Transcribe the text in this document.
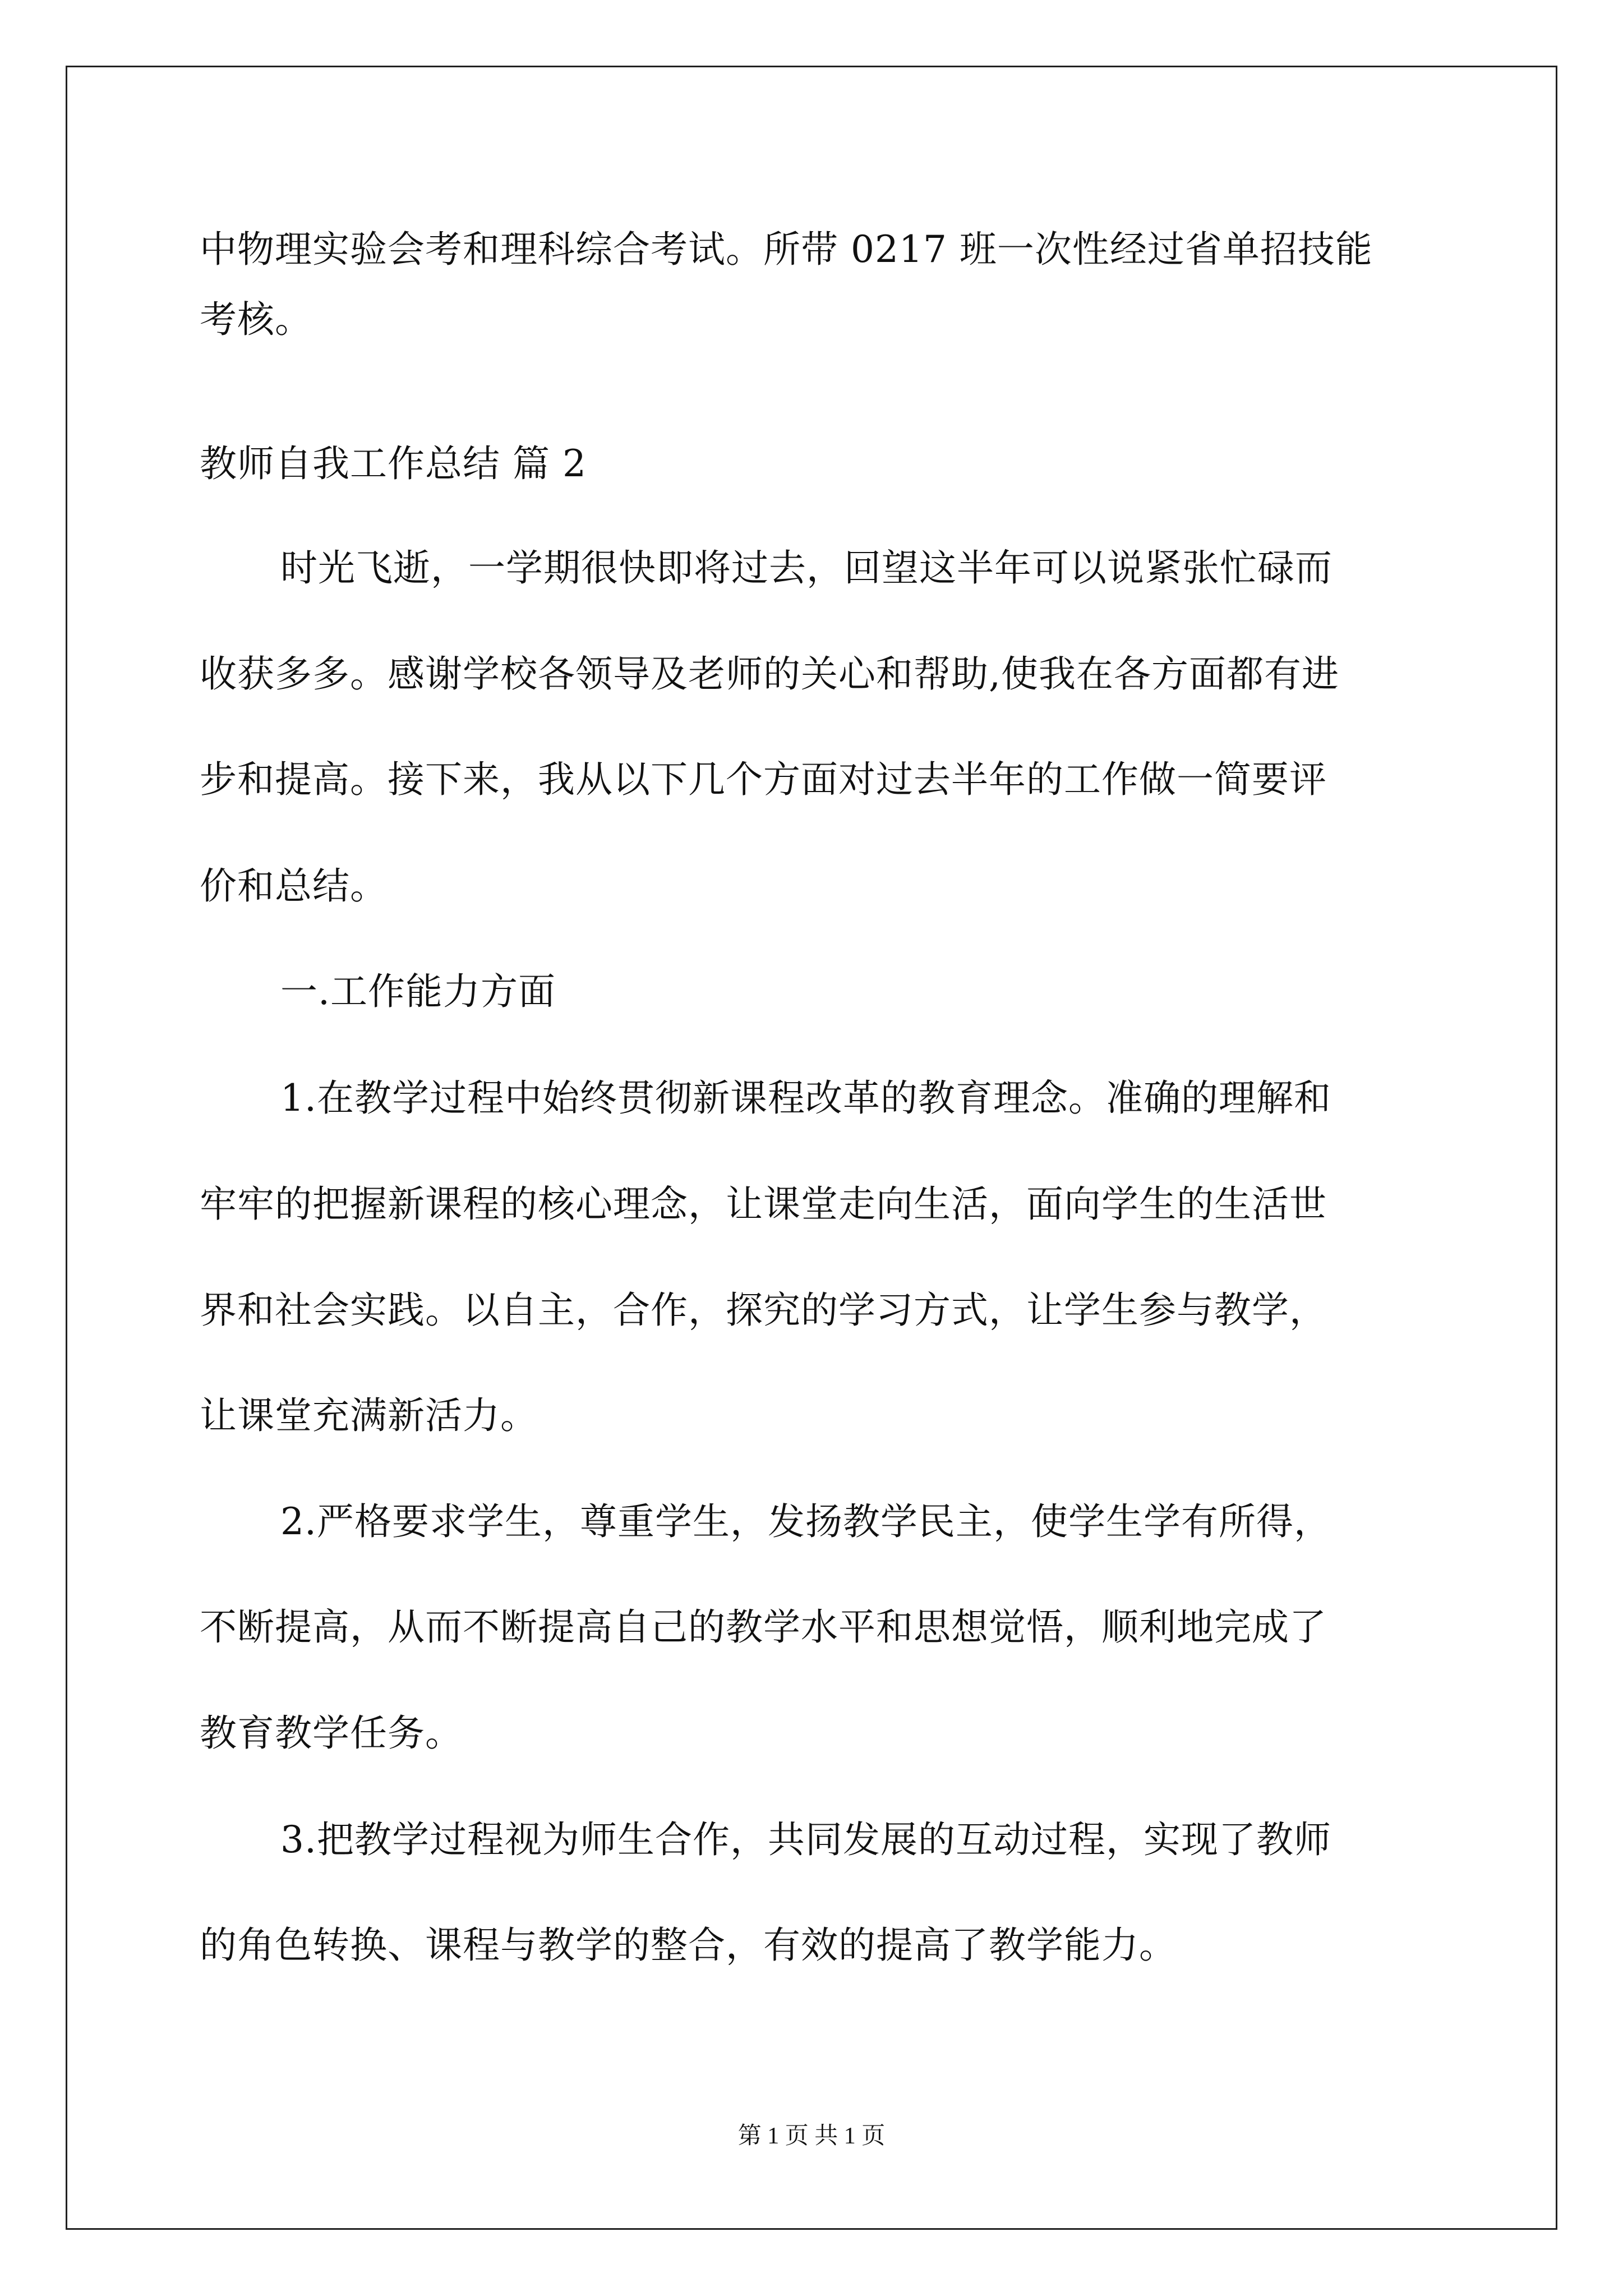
中物理实验会考和理科综合考试。所带 0217 班一次性经过省单招技能
考核。
教师自我工作总结 篇 2
时光飞逝，一学期很快即将过去，回望这半年可以说紧张忙碌而
收获多多。感谢学校各领导及老师的关心和帮助,使我在各方面都有进
步和提高。接下来，我从以下几个方面对过去半年的工作做一简要评
价和总结。
一.工作能力方面
1.在教学过程中始终贯彻新课程改革的教育理念。准确的理解和
牢牢的把握新课程的核心理念，让课堂走向生活，面向学生的生活世
界和社会实践。以自主，合作，探究的学习方式，让学生参与教学，
让课堂充满新活力。
2.严格要求学生，尊重学生，发扬教学民主，使学生学有所得，
不断提高，从而不断提高自己的教学水平和思想觉悟，顺利地完成了
教育教学任务。
3.把教学过程视为师生合作，共同发展的互动过程，实现了教师
的角色转换、课程与教学的整合，有效的提高了教学能力。
第 1 页 共 1 页
